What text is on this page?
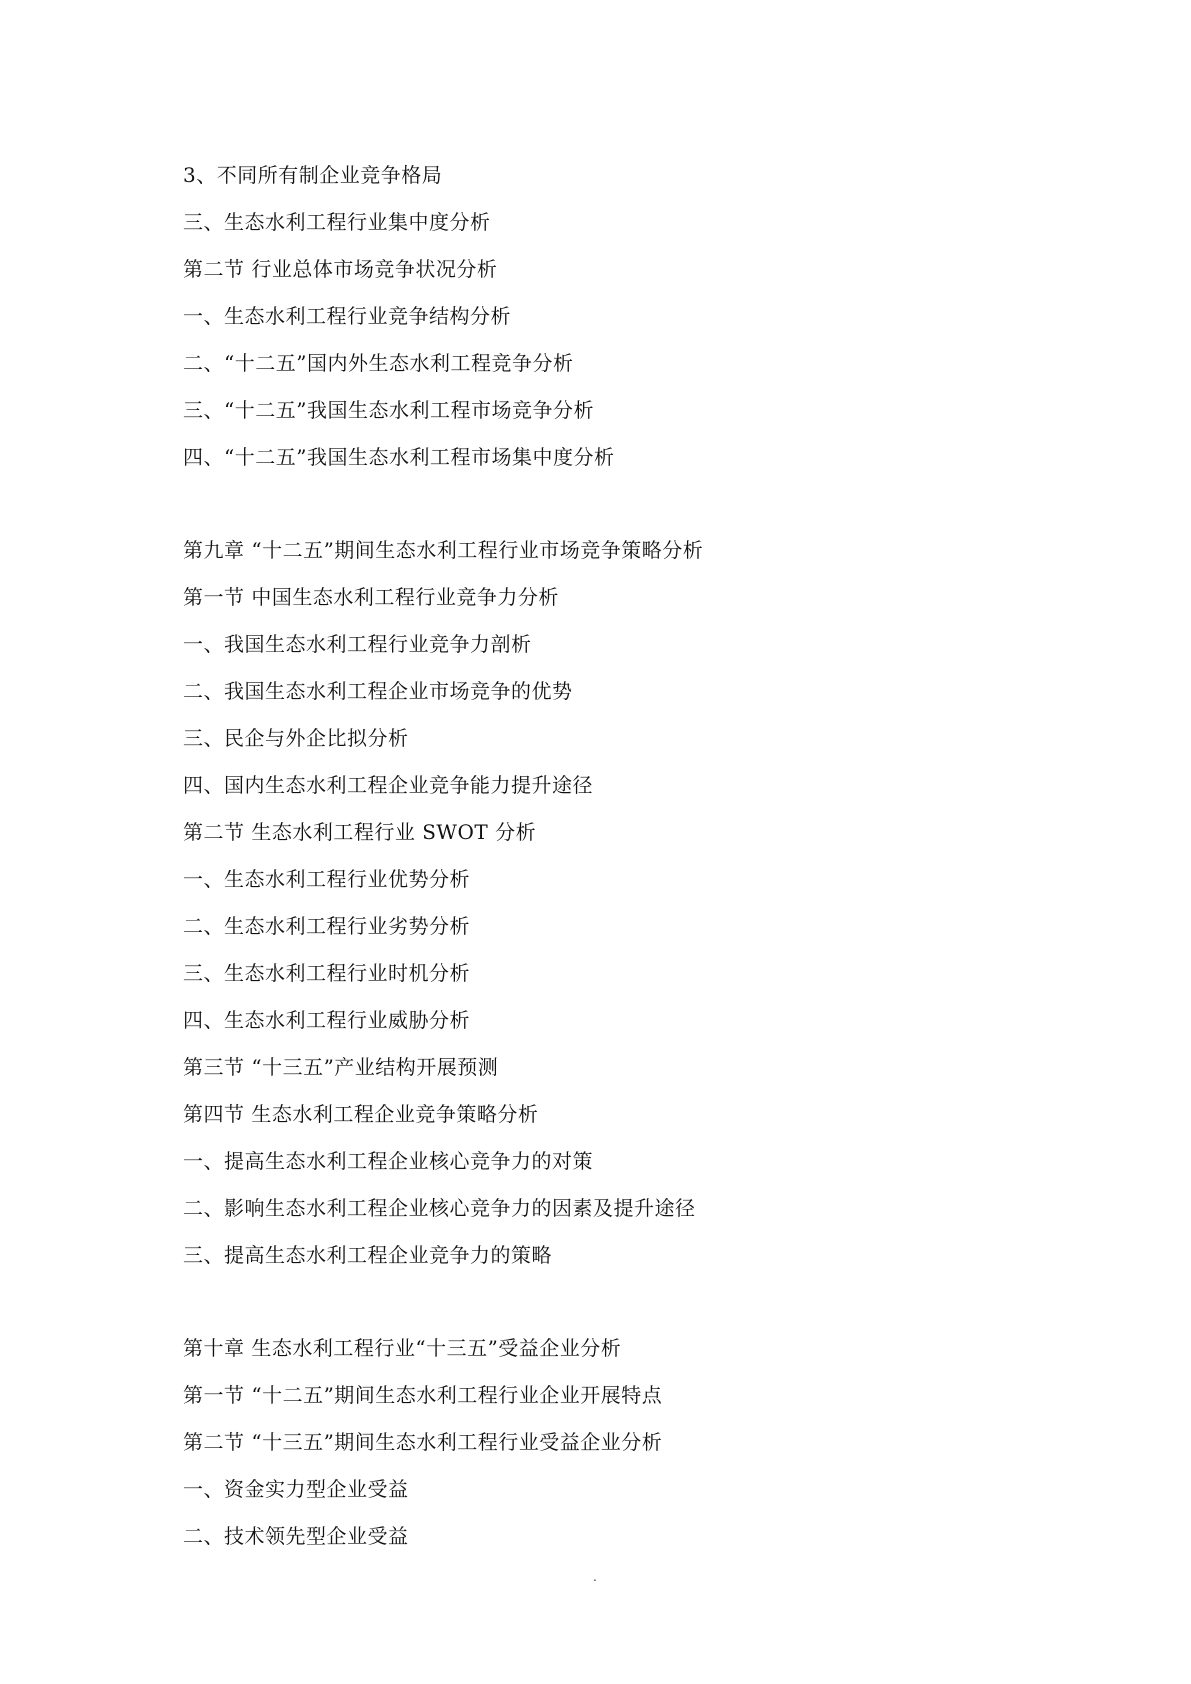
3、不同所有制企业竞争格局
三、生态水利工程行业集中度分析
第二节 行业总体市场竞争状况分析
一、生态水利工程行业竞争结构分析
二、“十二五”国内外生态水利工程竞争分析
三、“十二五”我国生态水利工程市场竞争分析
四、“十二五”我国生态水利工程市场集中度分析
第九章 “十二五”期间生态水利工程行业市场竞争策略分析
第一节 中国生态水利工程行业竞争力分析
一、我国生态水利工程行业竞争力剖析
二、我国生态水利工程企业市场竞争的优势
三、民企与外企比拟分析
四、国内生态水利工程企业竞争能力提升途径
第二节 生态水利工程行业 SWOT 分析
一、生态水利工程行业优势分析
二、生态水利工程行业劣势分析
三、生态水利工程行业时机分析
四、生态水利工程行业威胁分析
第三节 “十三五”产业结构开展预测
第四节 生态水利工程企业竞争策略分析
一、提高生态水利工程企业核心竞争力的对策
二、影响生态水利工程企业核心竞争力的因素及提升途径
三、提高生态水利工程企业竞争力的策略
第十章 生态水利工程行业“十三五”受益企业分析
第一节 “十二五”期间生态水利工程行业企业开展特点
第二节 “十三五”期间生态水利工程行业受益企业分析
一、资金实力型企业受益
二、技术领先型企业受益
.
